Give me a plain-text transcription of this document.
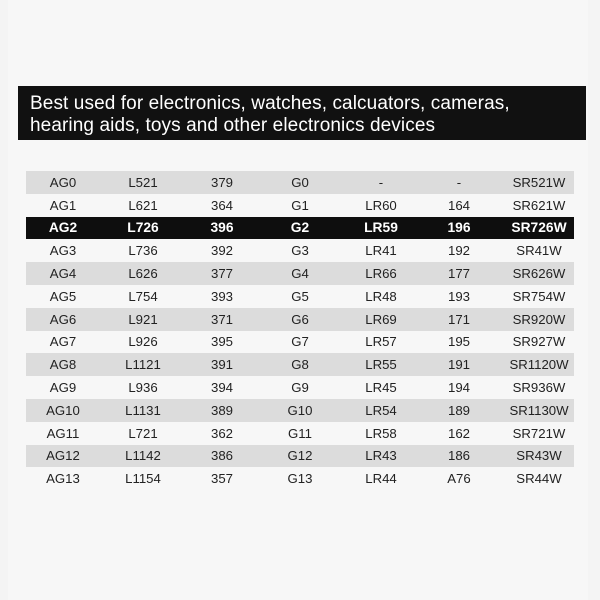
Best used for electronics, watches, calcuators, cameras,
hearing aids, toys and other electronics devices
AG0	L521	379	G0	-	-	SR521W
AG1	L621	364	G1	LR60	164	SR621W
AG2	L726	396	G2	LR59	196	SR726W
AG3	L736	392	G3	LR41	192	SR41W
AG4	L626	377	G4	LR66	177	SR626W
AG5	L754	393	G5	LR48	193	SR754W
AG6	L921	371	G6	LR69	171	SR920W
AG7	L926	395	G7	LR57	195	SR927W
AG8	L1121	391	G8	LR55	191	SR1120W
AG9	L936	394	G9	LR45	194	SR936W
AG10	L1131	389	G10	LR54	189	SR1130W
AG11	L721	362	G11	LR58	162	SR721W
AG12	L1142	386	G12	LR43	186	SR43W
AG13	L1154	357	G13	LR44	A76	SR44W
